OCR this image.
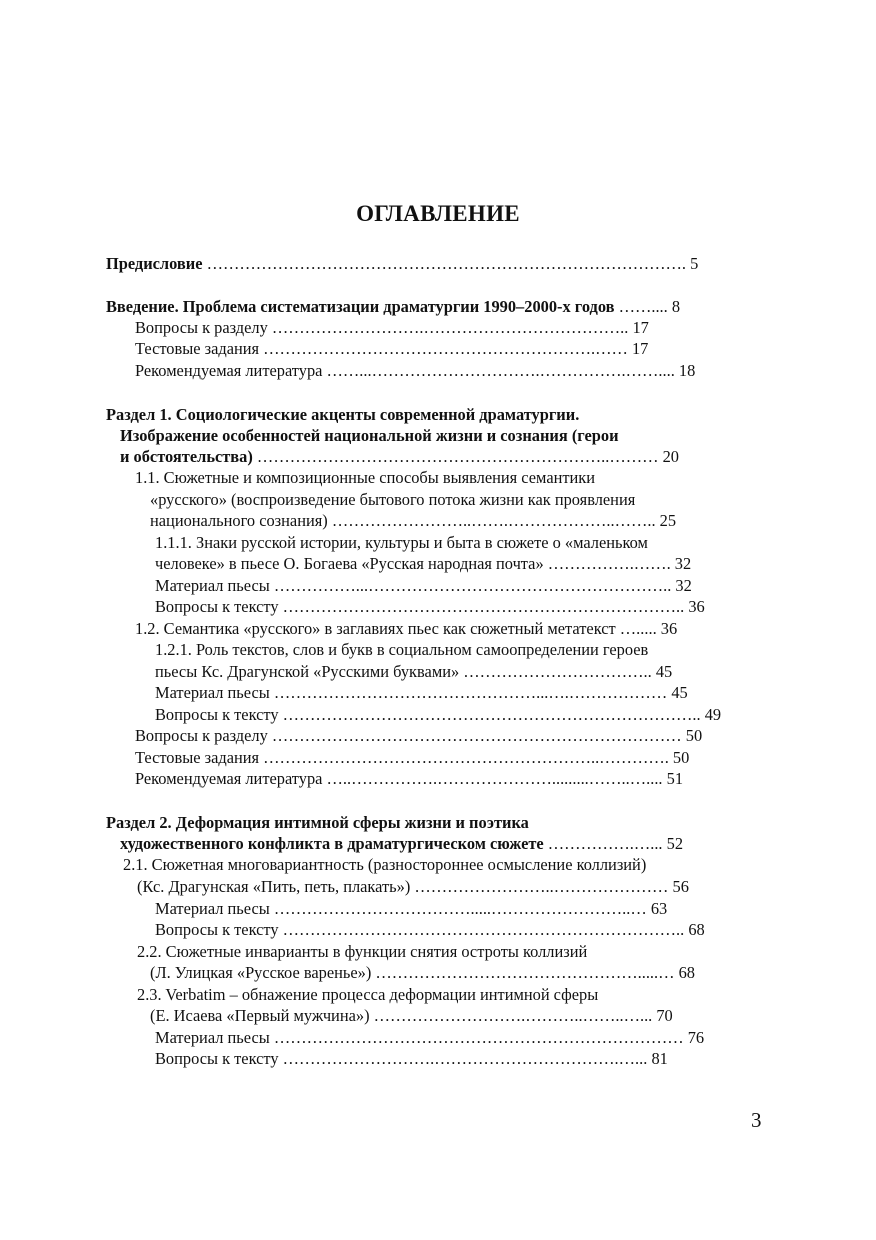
ОГЛАВЛЕНИЕ
Предисловие ……………………………………………………………………………. 5
Введение. Проблема систематизации драматургии 1990–2000-х годов …….... 8
Вопросы к разделу ……………………….……………………………….. 17
Тестовые задания …………………………………………………….…… 17
Рекомендуемая литература ……...………………………….…………….…….... 18
Раздел 1. Социологические акценты современной драматургии.
Изображение особенностей национальной жизни и сознания (герои
и обстоятельства) ………………………………………………………..……… 20
1.1. Сюжетные и композиционные способы выявления семантики
«русского» (воспроизведение бытового потока жизни как проявления
национального сознания) ……………………..…….………………..…….. 25
1.1.1. Знаки русской истории, культуры и быта в сюжете о «маленьком
человеке» в пьесе О. Богаева «Русская народная почта» …………….……. 32
Материал пьесы ……………...……………………………………………….. 32
Вопросы к тексту ……………………………………………………………….. 36
1.2. Семантика «русского» в заглавиях пьес как сюжетный метатекст …..... 36
1.2.1. Роль текстов, слов и букв в социальном самоопределении героев
пьесы Кс. Драгунской «Русскими буквами» …………………………….. 45
Материал пьесы …………………………………………...….……………… 45
Вопросы к тексту ………………………………………………………………….. 49
Вопросы к разделу ………………………………………………………………… 50
Тестовые задания ……………………………………………………..…………. 50
Рекомендуемая литература …..…………….………………….........……..….... 51
Раздел 2. Деформация интимной сферы жизни и поэтика
художественного конфликта в драматургическом сюжете …………….…... 52
2.1. Сюжетная многовариантность (разностороннее осмысление коллизий)
(Кс. Драгунская «Пить, петь, плакать») ……………………..………………… 56
Материал пьесы ……………………………….....……………………..… 63
Вопросы к тексту ……………………………………………………………….. 68
2.2. Сюжетные инварианты в функции снятия остроты коллизий
(Л. Улицкая «Русское варенье») ………………………………………….....… 68
2.3. Verbatim – обнажение процесса деформации интимной сферы
(Е. Исаева «Первый мужчина») ……………………….………..……..…... 70
Материал пьесы ………………………………………………………………… 76
Вопросы к тексту ……………………….…………………………….…... 81
3
